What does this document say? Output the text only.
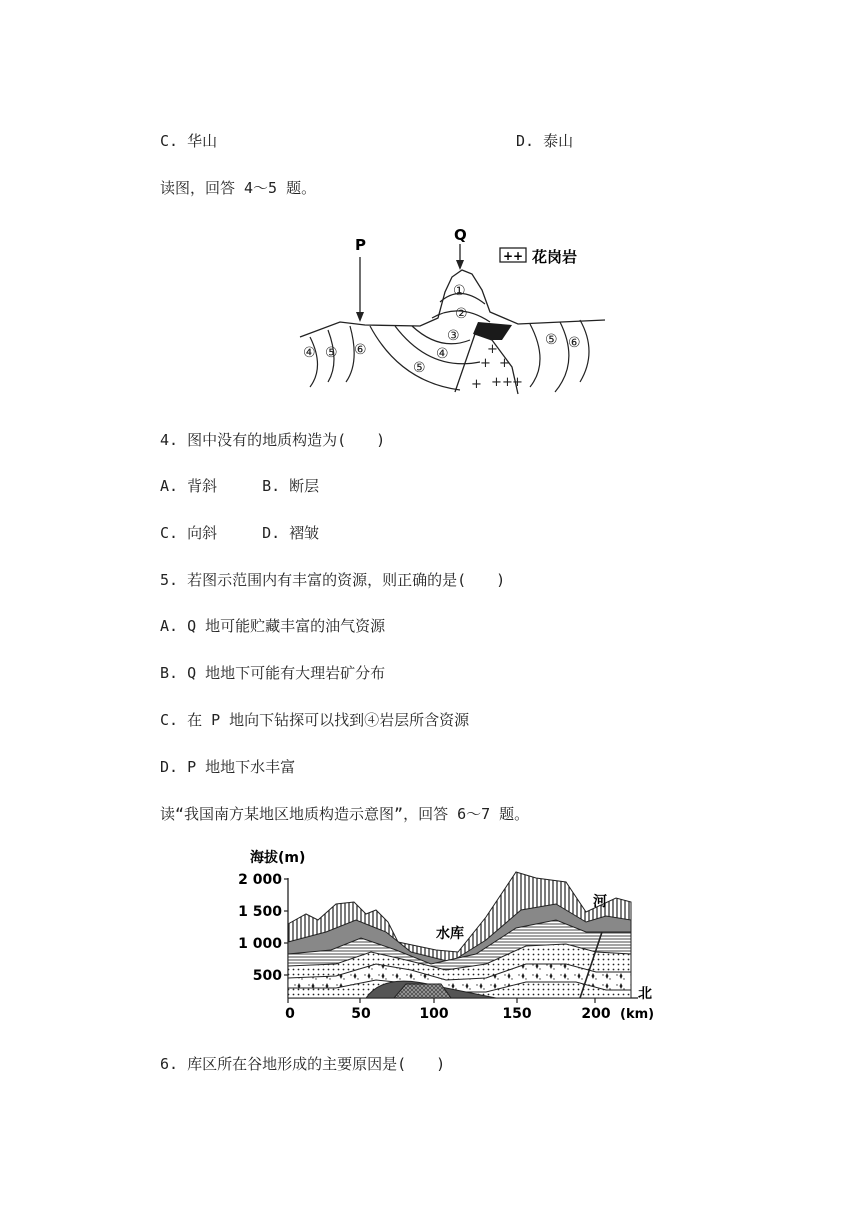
C. 华山	D. 泰山
读图，回答 4～5 题。
+
+ +
+ + + +
P
Q
++ 花岗岩
①
②
③
④
⑤
④ ⑤ ⑥
⑤ ⑥
4. 图中没有的地质构造为(　　)
A. 背斜　　　B. 断层
C. 向斜　　　D. 褶皱
5. 若图示范围内有丰富的资源，则正确的是(　　)
A. Q 地可能贮藏丰富的油气资源
B. Q 地地下可能有大理岩矿分布
C. 在 P 地向下钻探可以找到④岩层所含资源
D. P 地地下水丰富
读“我国南方某地区地质构造示意图”，回答 6～7 题。
海拔(m)
2 000
1 500
1 000
500
0	50	100	150	200 (km)
水库
河
北
6. 库区所在谷地形成的主要原因是(　　)
